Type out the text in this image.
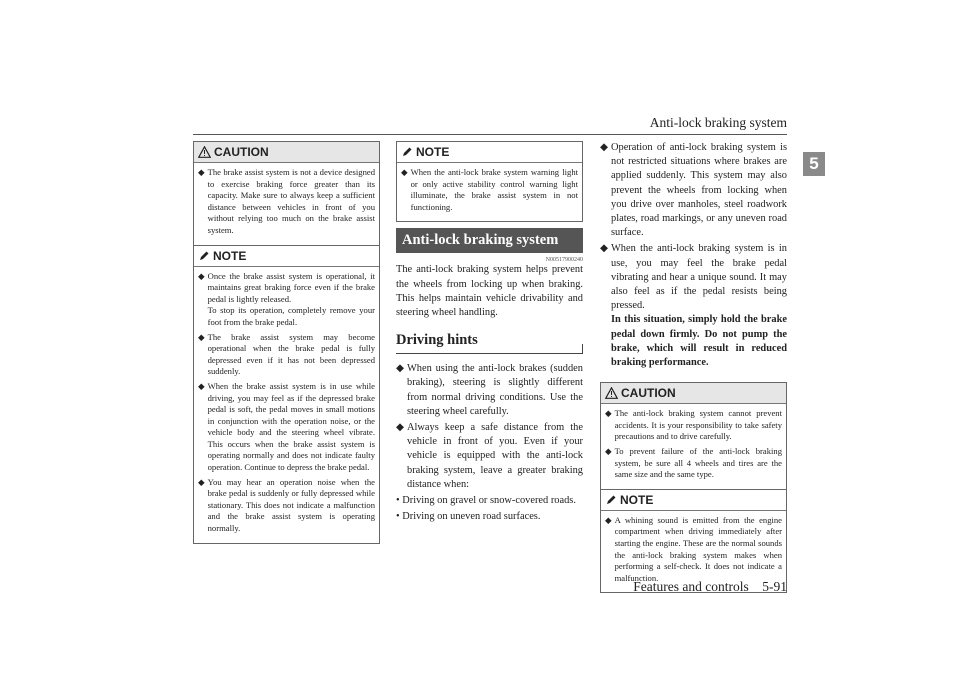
Anti-lock braking system
5
CAUTION

◆ The brake assist system is not a device designed to exercise braking force greater than its capacity. Make sure to always keep a sufficient distance between vehicles in front of you without relying too much on the brake assist system.

NOTE

◆ Once the brake assist system is operational, it maintains great braking force even if the brake pedal is lightly released.
To stop its operation, completely remove your foot from the brake pedal.

◆ The brake assist system may become operational when the brake pedal is fully depressed even if it has not been depressed suddenly.

◆ When the brake assist system is in use while driving, you may feel as if the depressed brake pedal is soft, the pedal moves in small motions in conjunction with the operation noise, or the vehicle body and the steering wheel vibrate. This occurs when the brake assist system is operating normally and does not indicate faulty operation. Continue to depress the brake pedal.

◆ You may hear an operation noise when the brake pedal is suddenly or fully depressed while stationary. This does not indicate a malfunction and the brake assist system is operating normally.

NOTE

◆ When the anti-lock brake system warning light or only active stability control warning light illuminate, the brake assist system in not functioning.

Anti-lock braking system
N00517900240

The anti-lock braking system helps prevent the wheels from locking up when braking. This helps maintain vehicle drivability and steering wheel handling.

Driving hints

◆ When using the anti-lock brakes (sudden braking), steering is slightly different from normal driving conditions. Use the steering wheel carefully.

◆ Always keep a safe distance from the vehicle in front of you. Even if your vehicle is equipped with the anti-lock braking system, leave a greater braking distance when:

• Driving on gravel or snow-covered roads.

• Driving on uneven road surfaces.

◆ Operation of anti-lock braking system is not restricted situations where brakes are applied suddenly. This system may also prevent the wheels from locking when you drive over manholes, steel roadwork plates, road markings, or any uneven road surface.

◆ When the anti-lock braking system is in use, you may feel the brake pedal vibrating and hear a unique sound. It may also feel as if the pedal resists being pressed.
In this situation, simply hold the brake pedal down firmly. Do not pump the brake, which will result in reduced braking performance.

CAUTION

◆ The anti-lock braking system cannot prevent accidents. It is your responsibility to take safety precautions and to drive carefully.

◆ To prevent failure of the anti-lock braking system, be sure all 4 wheels and tires are the same size and the same type.

NOTE

◆ A whining sound is emitted from the engine compartment when driving immediately after starting the engine. These are the normal sounds the anti-lock braking system makes when performing a self-check. It does not indicate a malfunction.

Features and controls    5-91
